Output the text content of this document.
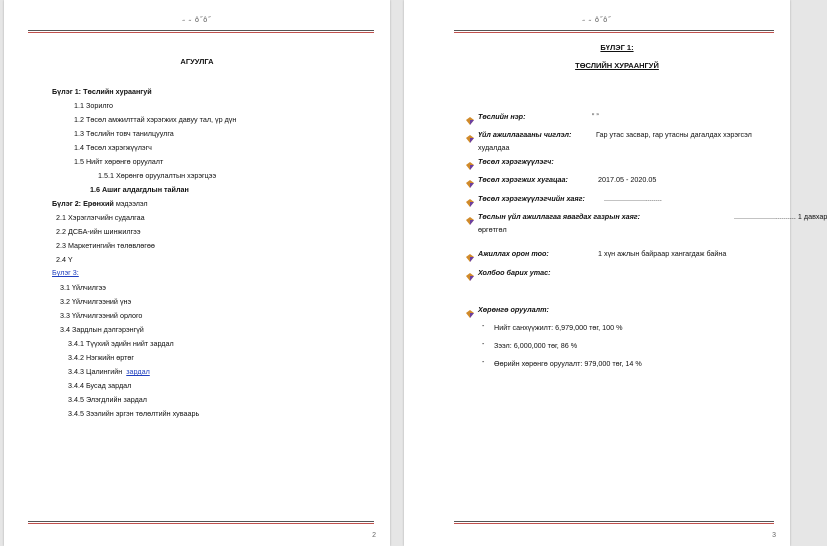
˶ ˶ ô˝ô˝
АГУУЛГА
Бүлэг 1: Төслийн хураангуй
1.1 Зорилго
1.2 Төсөл амжилттай хэрэгжих давуу тал, үр дүн
1.3 Төслийн товч танилцуулга
1.4 Төсөл хэрэгжүүлэгч
1.5 Нийт хөрөнгө оруулалт
1.5.1 Хөрөнгө оруулалтын хэрэгцээ
1.6 Ашиг алдагдлын тайлан
Бүлэг 2: Ерөнхий мэдээлэл
2.1 Хэрэглэгчийн судалгаа
2.2 ДСБА-ийн шинжилгээ
2.3 Маркетингийн төлөвлөгөө
2.4 Y
Бүлэг 3:
3.1 Үйлчилгээ
3.2 Үйлчилгээний үнэ
3.3 Үйлчилгээний орлого
3.4 Зардлын дэлгэрэнгүй
3.4.1 Түүхий эдийн нийт зардал
3.4.2 Нэгжийн өртөг
3.4.3 Цалингийн зардал
3.4.4 Бусад зардал
3.4.5 Элэгдлийн зардал
3.4.5 Зээлийн эргэн төлөлтийн хуваарь
2
˶ ˶ ô˝ô˝
БҮЛЭГ 1:
ТӨСЛИЙН ХУРААНГУЙ
Төслийн нэр:	ˮ ˮ
Үйл ажиллагааны чиглэл:	Гар утас засвар, гар утасны дагалдах хэрэгсэл
худалдаа
Төсөл хэрэгжүүлэгч:
Төсөл хэрэгжих хугацаа:	2017.05 - 2020.05
Төсөл хэрэгжүүлэгчийн хаяг:	.............................
Төслын үйл ажиллагаа явагдах газрын хаяг:	............................... 1 давхар
өргөтгөл
Ажиллах орон тоо:	1 хүн ажлын байраар хангагдаж байна
Холбоо барих утас:
Хөрөнгө оруулалт:
- Нийт санхүүжилт: 6,979,000 төг, 100 %
- Зээл: 6,000,000 төг, 86 %
- Өөрийн хөрөнгө оруулалт: 979,000 төг, 14 %
3
